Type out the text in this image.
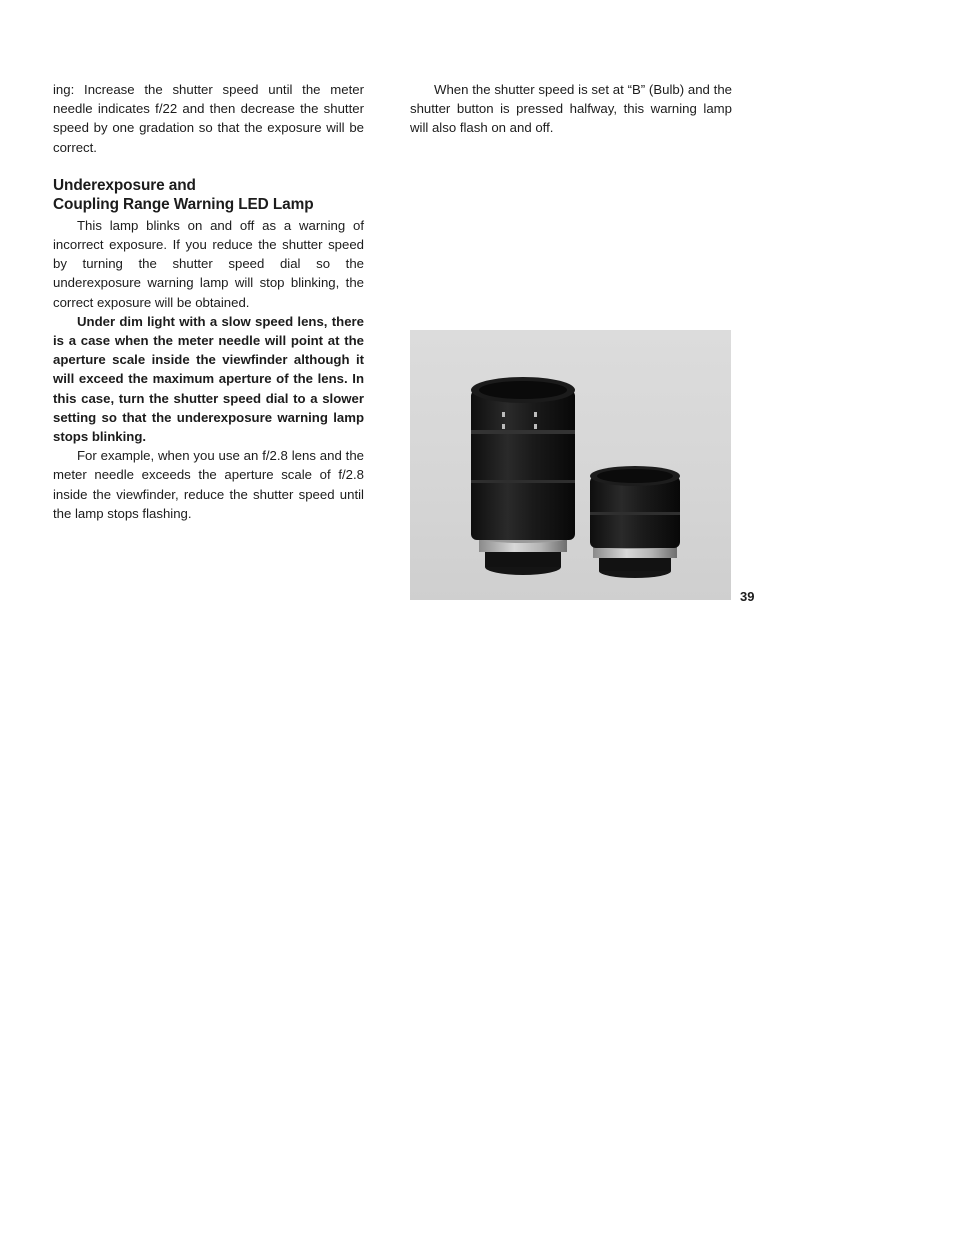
ing: Increase the shutter speed until the meter needle indicates f/22 and then decrease the shutter speed by one gradation so that the exposure will be correct.

Underexposure and
Coupling Range Warning LED Lamp

This lamp blinks on and off as a warning of incorrect exposure. If you reduce the shutter speed by turning the shutter speed dial so the underexposure warning lamp will stop blinking, the correct exposure will be obtained.

Under dim light with a slow speed lens, there is a case when the meter needle will point at the aperture scale inside the viewfinder although it will exceed the maximum aperture of the lens. In this case, turn the shutter speed dial to a slower setting so that the underexposure warning lamp stops blinking.

For example, when you use an f/2.8 lens and the meter needle exceeds the aperture scale of f/2.8 inside the viewfinder, reduce the shutter speed until the lamp stops flashing.

When the shutter speed is set at “B” (Bulb) and the shutter button is pressed halfway, this warning lamp will also flash on and off.

39
